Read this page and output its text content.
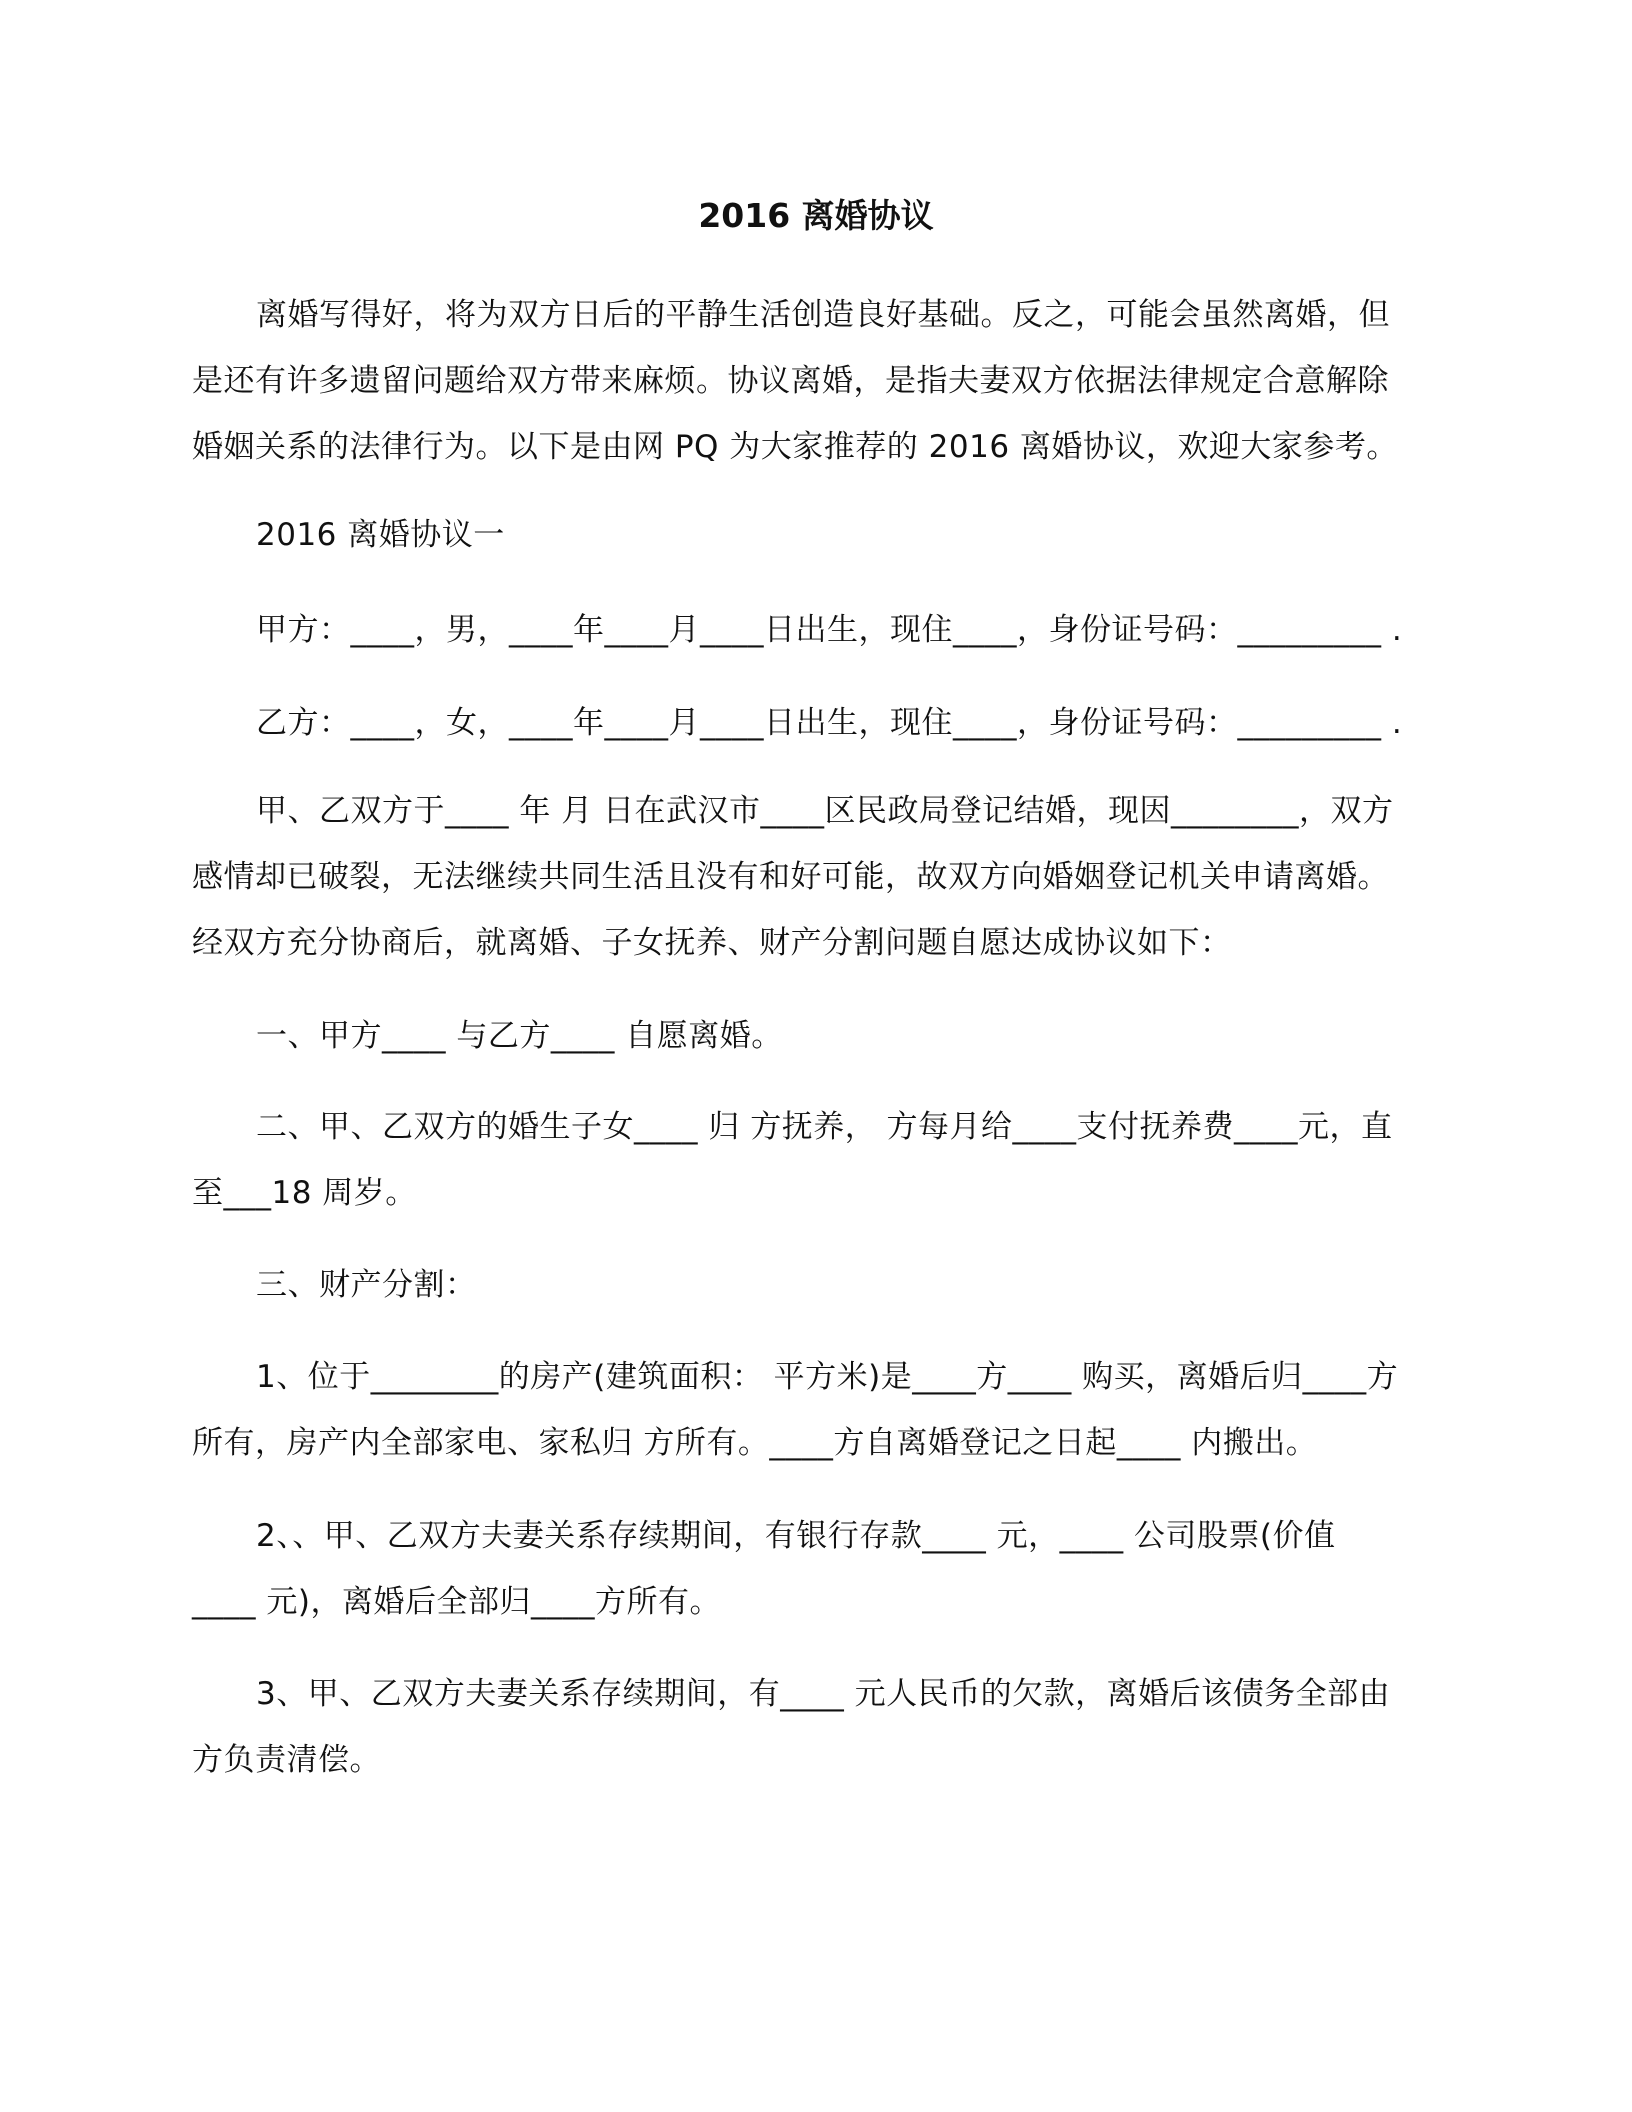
2016 离婚协议
离婚写得好，将为双方日后的平静生活创造良好基础。反之，可能会虽然离婚，但
是还有许多遗留问题给双方带来麻烦。协议离婚，是指夫妻双方依据法律规定合意解除
婚姻关系的法律行为。以下是由网 PQ 为大家推荐的 2016 离婚协议，欢迎大家参考。
2016 离婚协议一
甲方：____，男，____年____月____日出生，现住____，身份证号码：_________ .
乙方：____，女，____年____月____日出生，现住____，身份证号码：_________ .
甲、乙双方于____ 年 月 日在武汉市____区民政局登记结婚，现因________，双方
感情却已破裂，无法继续共同生活且没有和好可能，故双方向婚姻登记机关申请离婚。
经双方充分协商后，就离婚、子女抚养、财产分割问题自愿达成协议如下：
一、甲方____ 与乙方____ 自愿离婚。
二、甲、乙双方的婚生子女____ 归 方抚养， 方每月给____支付抚养费____元，直
至___18 周岁。
三、财产分割：
1、位于________的房产(建筑面积： 平方米)是____方____ 购买，离婚后归____方
所有，房产内全部家电、家私归 方所有。____方自离婚登记之日起____ 内搬出。
2、、甲、乙双方夫妻关系存续期间，有银行存款____ 元，____ 公司股票(价值
____ 元)，离婚后全部归____方所有。
3、甲、乙双方夫妻关系存续期间，有____ 元人民币的欠款，离婚后该债务全部由
方负责清偿。
